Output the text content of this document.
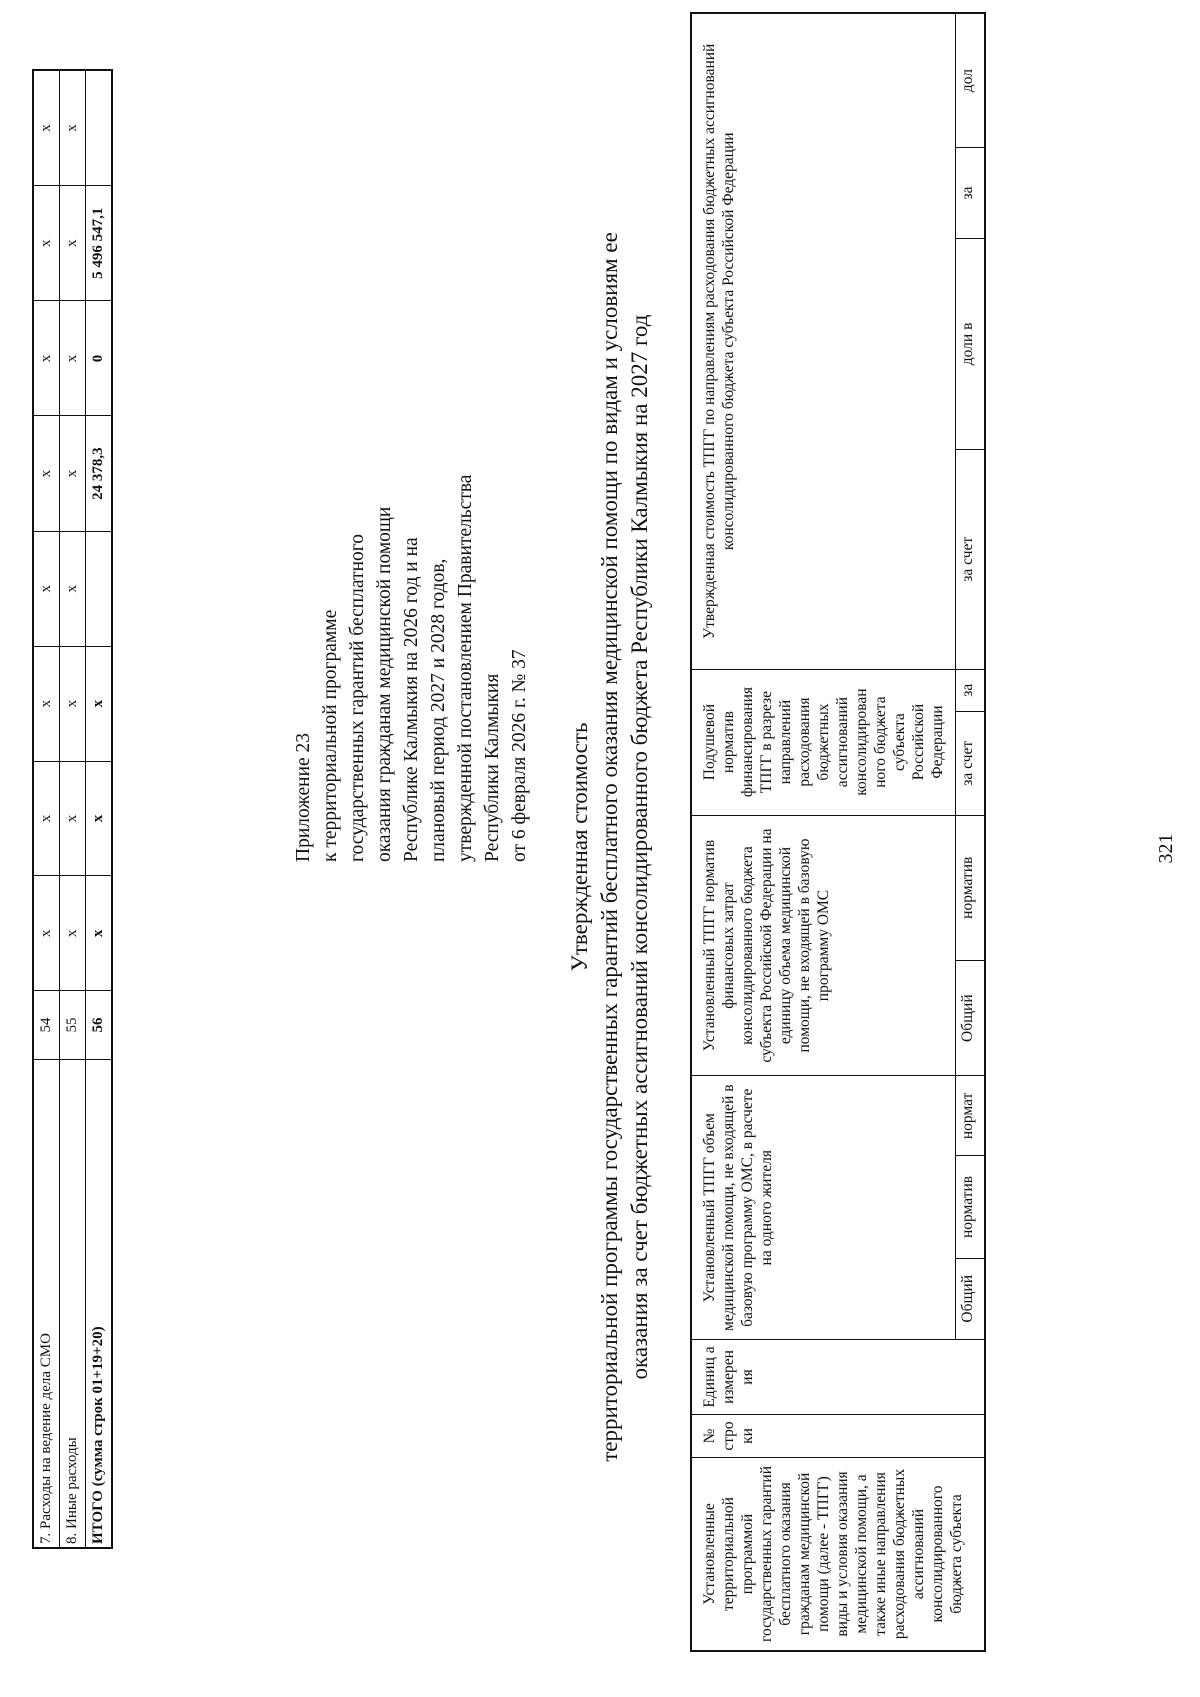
7. Расходы на ведение дела СМО	54	х	х	х	х	х	х	х	х
8. Иные расходы	55	х	х	х	х	х	х	х	х
ИТОГО (сумма строк 01+19+20)	56	х	х	х		24 378,3	0	5 496 547,1	
Приложение 23 к территориальной программе государственных гарантий бесплатного оказания гражданам медицинской помощи Республике Калмыкия на 2026 год и на плановый период 2027 и 2028 годов, утвержденной постановлением Правительства Республики Калмыкия от 6 февраля 2026 г. № 37 Утвержденная стоимость территориальной программы государственных гарантий бесплатного оказания медицинской помощи по видам и условиям ее оказания за счет бюджетных ассигнований консолидированного бюджета Республики Калмыкия на 2027 год
Установленные территориальной программой государственных гарантий бесплатного оказания гражданам медицинской помощи (далее - ТПГГ) виды и условия оказания медицинской помощи, а также иные направления расходования бюджетных ассигнований консолидированного бюджета субъекта	№ стро ки	Единиц а измерен ия	Установленный ТПГГ объем медицинской помощи, не входящей в базовую программу ОМС, в расчете на одного жителя			Установленный ТПГГ норматив финансовых затрат консолидированного бюджета субъекта Российской Федерации на единицу объема медицинской помощи, не входящей в базовую программу ОМС		Подушевой норматив финансирования ТПГГ в разрезе направлений расходования бюджетных ассигнований консолидирован ного бюджета субъекта Российской Федерации		Утвержденная стоимость ТПГГ по направлениям расходования бюджетных ассигнований консолидированного бюджета субъекта Российской Федерации			
			Общий	норматив	нормат	Общий	норматив	за счет	за	за счет	доли в	за	дол
321
